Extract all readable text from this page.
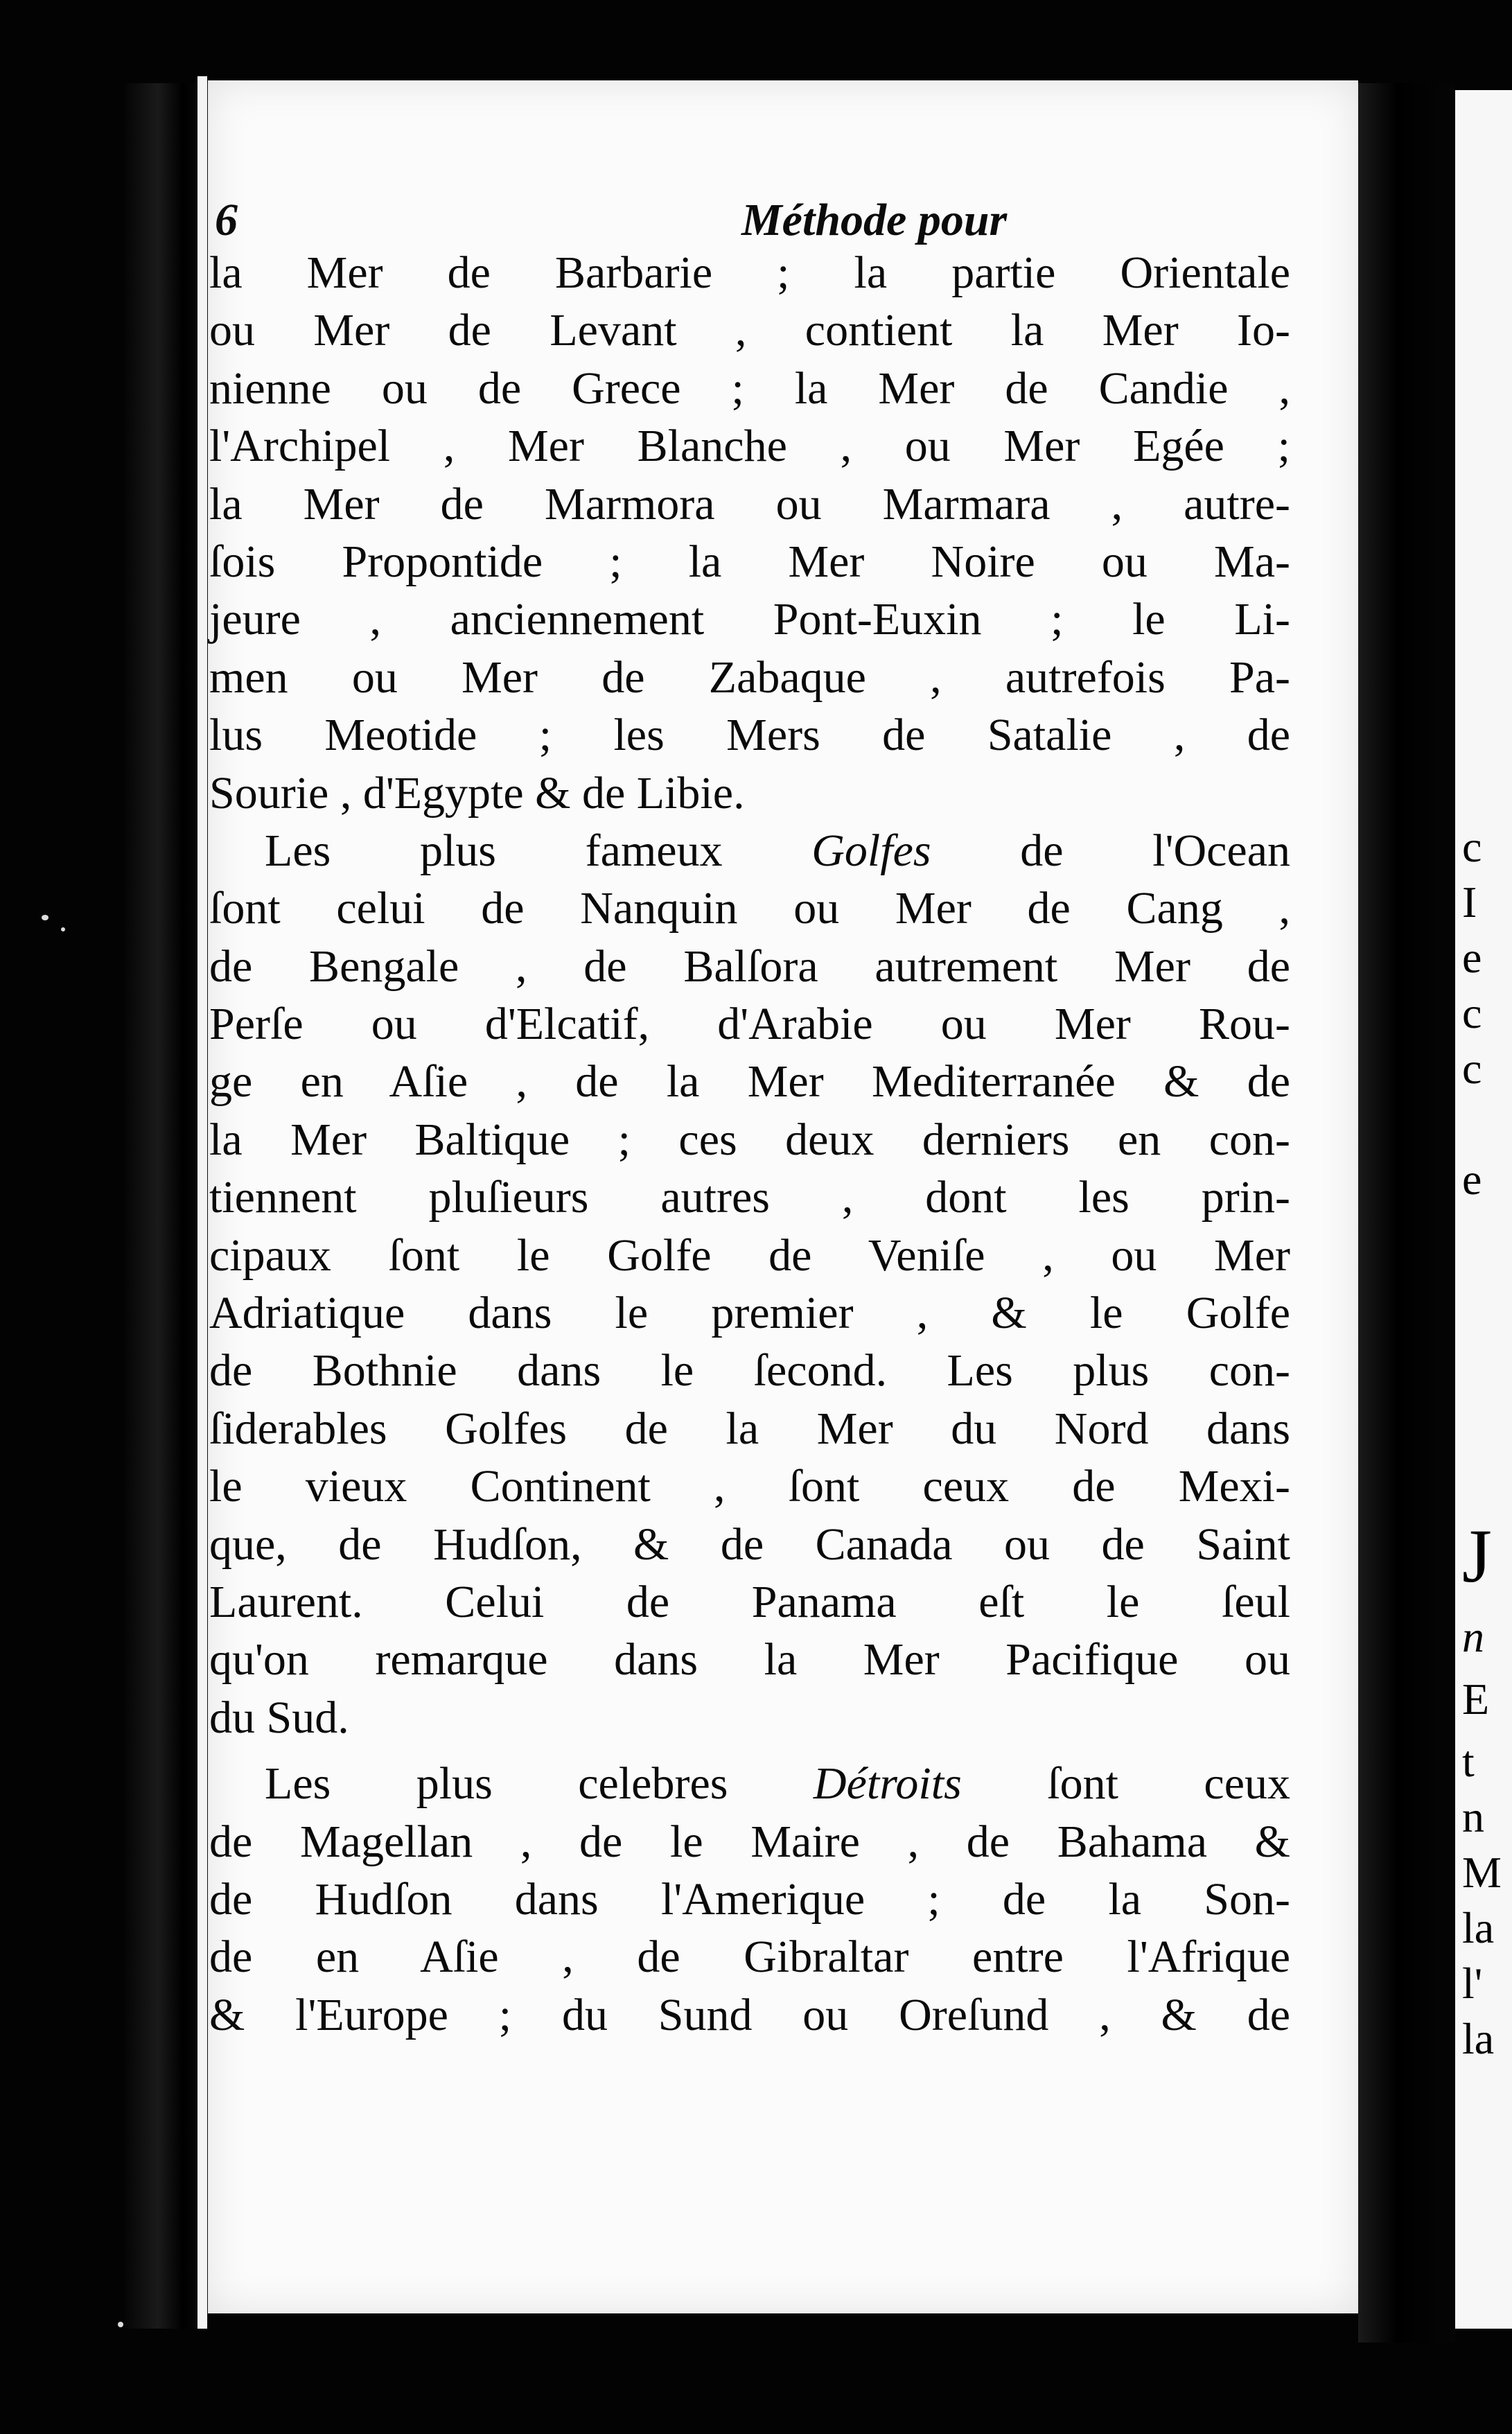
c
I
e
c
c
e
J
n
E
t
n
M
la
l'
la
6	Méthode pour
la Mer de Barbarie ; la partie Orientale
ou Mer de Levant , contient la Mer Io-
nienne ou de Grece ; la Mer de Candie ,
l'Archipel , Mer Blanche , ou Mer Egée ;
la Mer de Marmora ou Marmara , autre-
ſois Propontide ; la Mer Noire ou Ma-
jeure , anciennement Pont-Euxin ; le Li-
men ou Mer de Zabaque , autrefois Pa-
lus Meotide ; les Mers de Satalie , de
Sourie , d'Egypte & de Libie.
Les plus fameux Golfes de l'Ocean
ſont celui de Nanquin ou Mer de Cang ,
de Bengale , de Balſora autrement Mer de
Perſe ou d'Elcatif, d'Arabie ou Mer Rou-
ge en Aſie , de la Mer Mediterranée & de
la Mer Baltique ; ces deux derniers en con-
tiennent pluſieurs autres , dont les prin-
cipaux ſont le Golfe de Veniſe , ou Mer
Adriatique dans le premier , & le Golfe
de Bothnie dans le ſecond. Les plus con-
ſiderables Golfes de la Mer du Nord dans
le vieux Continent , ſont ceux de Mexi-
que, de Hudſon, & de Canada ou de Saint
Laurent. Celui de Panama eſt le ſeul
qu'on remarque dans la Mer Pacifique ou
du Sud.
Les plus celebres Détroits ſont ceux
de Magellan , de le Maire , de Bahama &
de Hudſon dans l'Amerique ; de la Son-
de en Aſie , de Gibraltar entre l'Afrique
& l'Europe ; du Sund ou Oreſund , & de
